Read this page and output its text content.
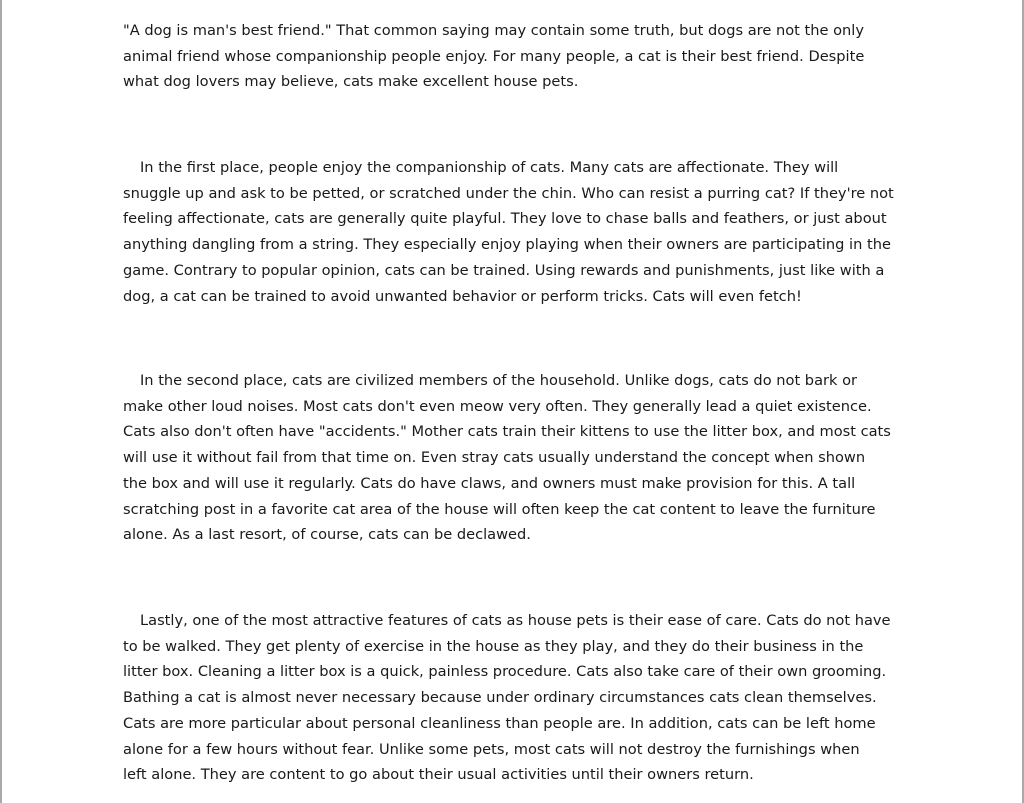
"A dog is man's best friend." That common saying may contain some truth, but dogs are not the only
animal friend whose companionship people enjoy. For many people, a cat is their best friend. Despite
what dog lovers may believe, cats make excellent house pets.

In the first place, people enjoy the companionship of cats. Many cats are affectionate. They will
snuggle up and ask to be petted, or scratched under the chin. Who can resist a purring cat? If they're not
feeling affectionate, cats are generally quite playful. They love to chase balls and feathers, or just about
anything dangling from a string. They especially enjoy playing when their owners are participating in the
game. Contrary to popular opinion, cats can be trained. Using rewards and punishments, just like with a
dog, a cat can be trained to avoid unwanted behavior or perform tricks. Cats will even fetch!

In the second place, cats are civilized members of the household. Unlike dogs, cats do not bark or
make other loud noises. Most cats don't even meow very often. They generally lead a quiet existence.
Cats also don't often have "accidents." Mother cats train their kittens to use the litter box, and most cats
will use it without fail from that time on. Even stray cats usually understand the concept when shown
the box and will use it regularly. Cats do have claws, and owners must make provision for this. A tall
scratching post in a favorite cat area of the house will often keep the cat content to leave the furniture
alone. As a last resort, of course, cats can be declawed.

Lastly, one of the most attractive features of cats as house pets is their ease of care. Cats do not have
to be walked. They get plenty of exercise in the house as they play, and they do their business in the
litter box. Cleaning a litter box is a quick, painless procedure. Cats also take care of their own grooming.
Bathing a cat is almost never necessary because under ordinary circumstances cats clean themselves.
Cats are more particular about personal cleanliness than people are. In addition, cats can be left home
alone for a few hours without fear. Unlike some pets, most cats will not destroy the furnishings when
left alone. They are content to go about their usual activities until their owners return.
